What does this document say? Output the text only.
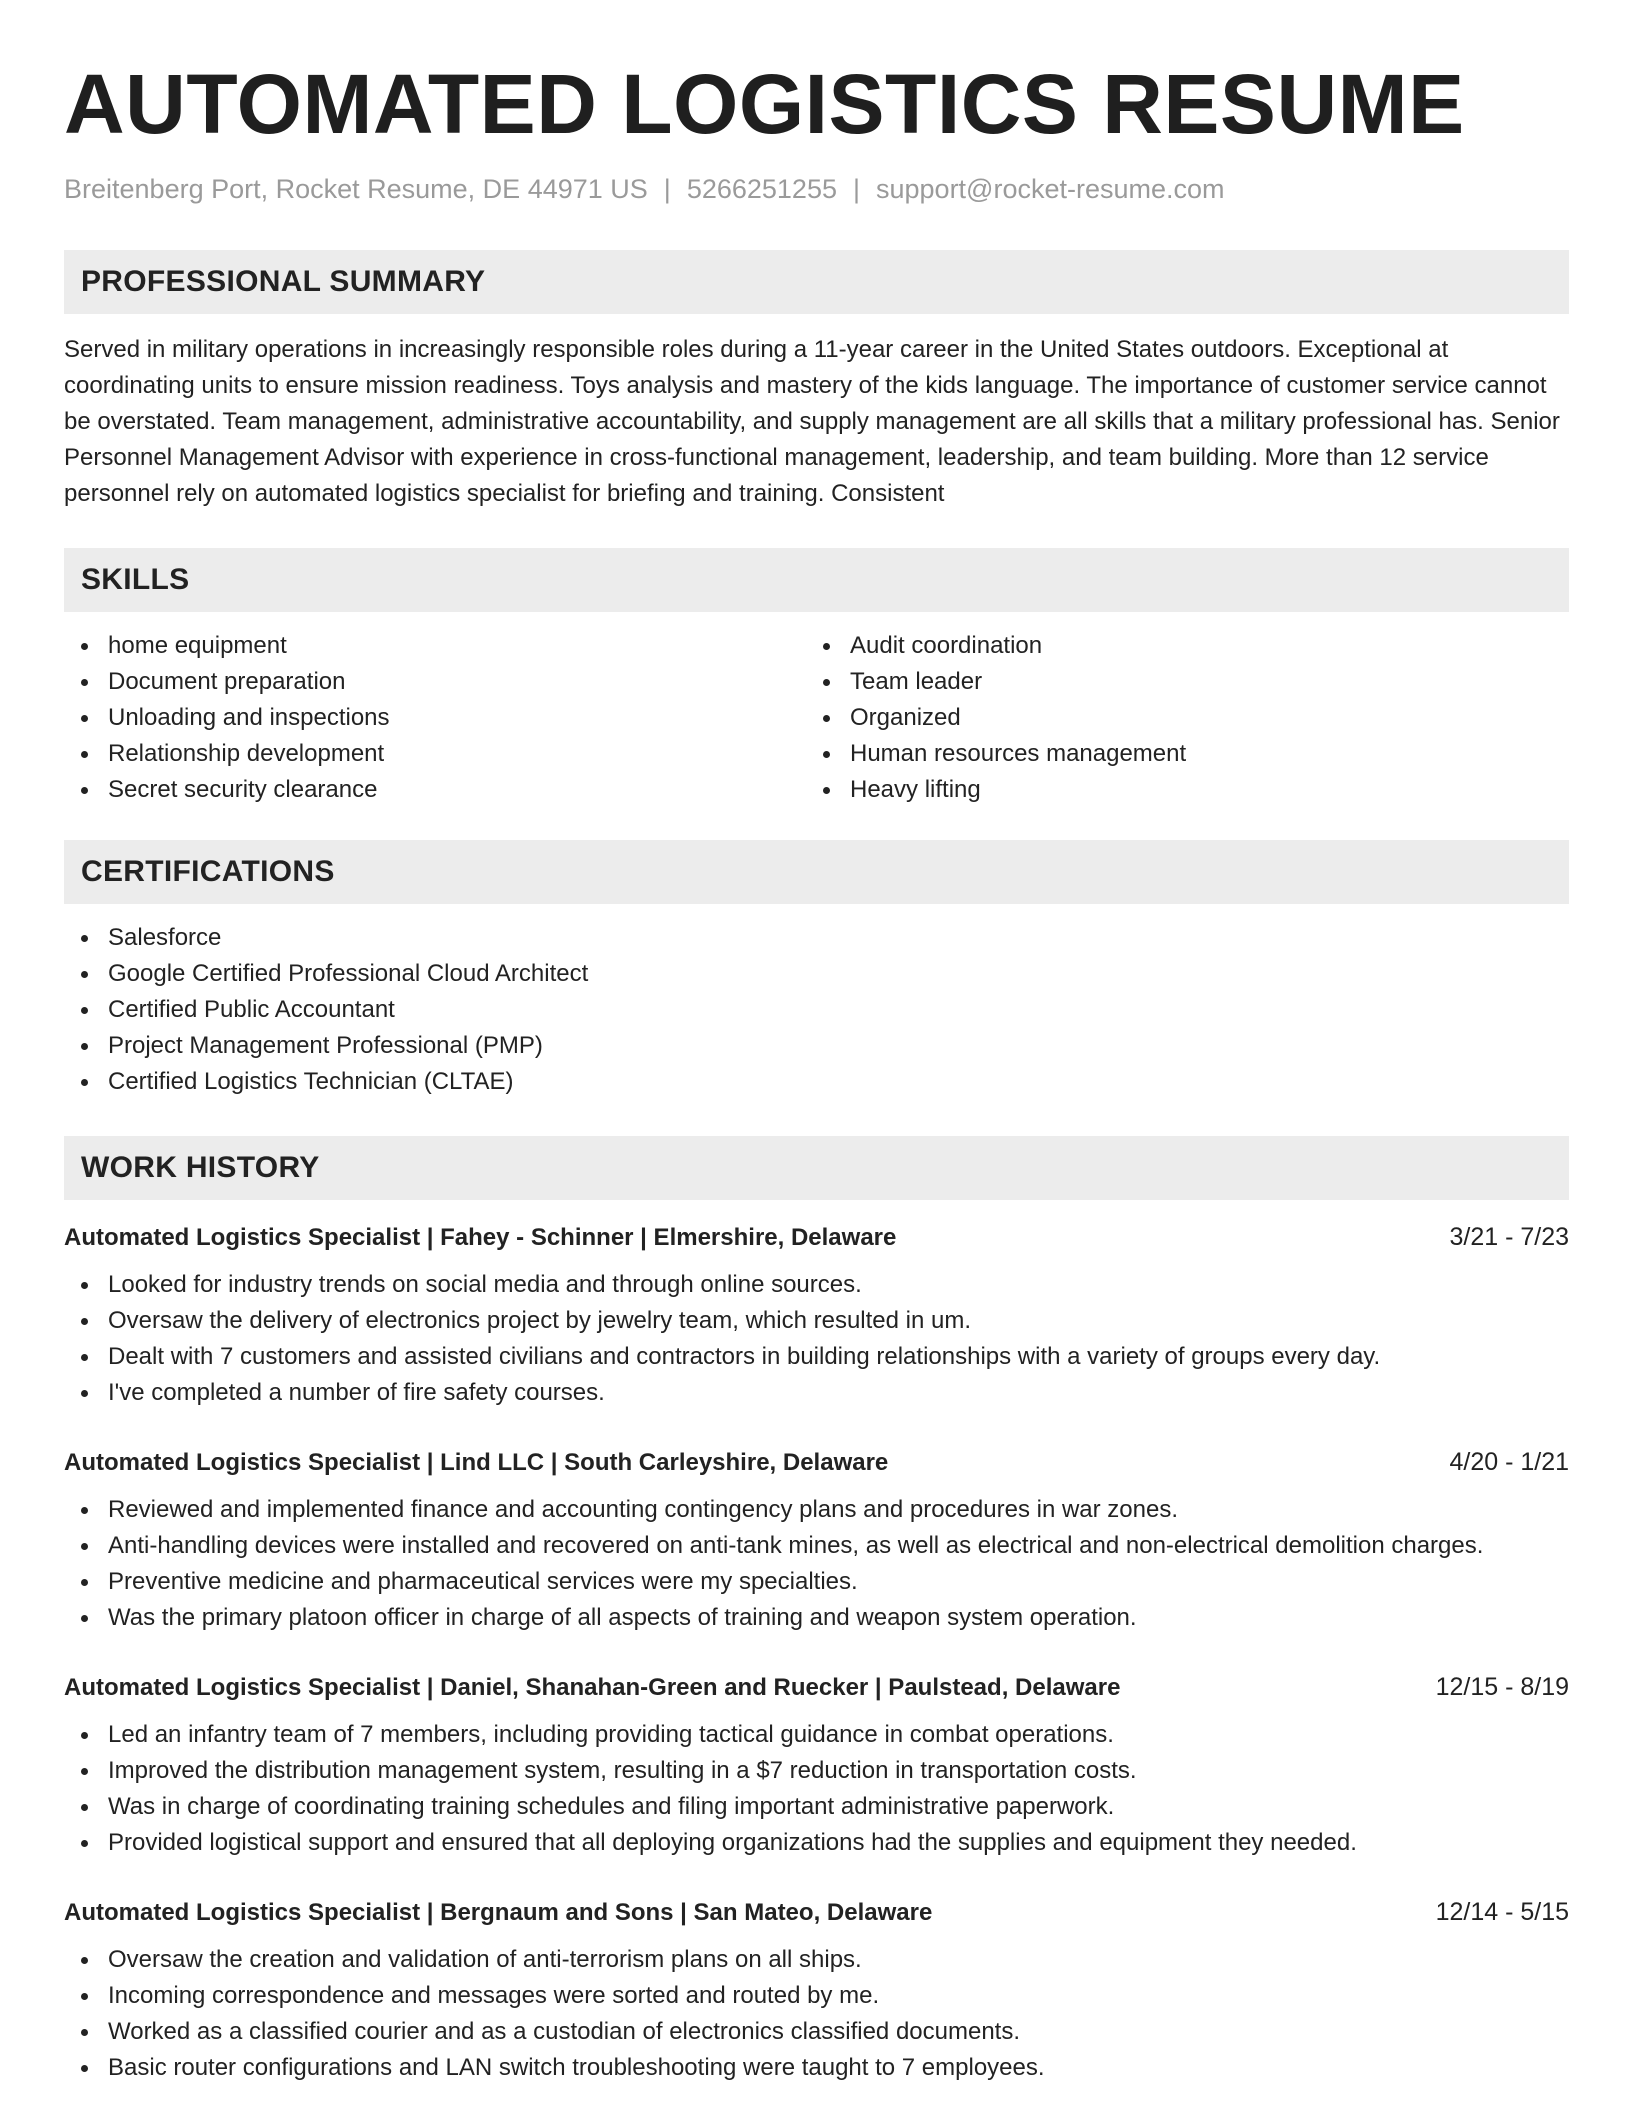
AUTOMATED LOGISTICS RESUME
Breitenberg Port, Rocket Resume, DE 44971 US | 5266251255 | support@rocket-resume.com
PROFESSIONAL SUMMARY
Served in military operations in increasingly responsible roles during a 11-year career in the United States outdoors. Exceptional at coordinating units to ensure mission readiness. Toys analysis and mastery of the kids language. The importance of customer service cannot be overstated. Team management, administrative accountability, and supply management are all skills that a military professional has. Senior Personnel Management Advisor with experience in cross-functional management, leadership, and team building. More than 12 service personnel rely on automated logistics specialist for briefing and training. Consistent
SKILLS
home equipment
Document preparation
Unloading and inspections
Relationship development
Secret security clearance
Audit coordination
Team leader
Organized
Human resources management
Heavy lifting
CERTIFICATIONS
Salesforce
Google Certified Professional Cloud Architect
Certified Public Accountant
Project Management Professional (PMP)
Certified Logistics Technician (CLTAE)
WORK HISTORY
Automated Logistics Specialist | Fahey - Schinner | Elmershire, Delaware	3/21 - 7/23
Looked for industry trends on social media and through online sources.
Oversaw the delivery of electronics project by jewelry team, which resulted in um.
Dealt with 7 customers and assisted civilians and contractors in building relationships with a variety of groups every day.
I've completed a number of fire safety courses.
Automated Logistics Specialist | Lind LLC | South Carleyshire, Delaware	4/20 - 1/21
Reviewed and implemented finance and accounting contingency plans and procedures in war zones.
Anti-handling devices were installed and recovered on anti-tank mines, as well as electrical and non-electrical demolition charges.
Preventive medicine and pharmaceutical services were my specialties.
Was the primary platoon officer in charge of all aspects of training and weapon system operation.
Automated Logistics Specialist | Daniel, Shanahan-Green and Ruecker | Paulstead, Delaware	12/15 - 8/19
Led an infantry team of 7 members, including providing tactical guidance in combat operations.
Improved the distribution management system, resulting in a $7 reduction in transportation costs.
Was in charge of coordinating training schedules and filing important administrative paperwork.
Provided logistical support and ensured that all deploying organizations had the supplies and equipment they needed.
Automated Logistics Specialist | Bergnaum and Sons | San Mateo, Delaware	12/14 - 5/15
Oversaw the creation and validation of anti-terrorism plans on all ships.
Incoming correspondence and messages were sorted and routed by me.
Worked as a classified courier and as a custodian of electronics classified documents.
Basic router configurations and LAN switch troubleshooting were taught to 7 employees.
